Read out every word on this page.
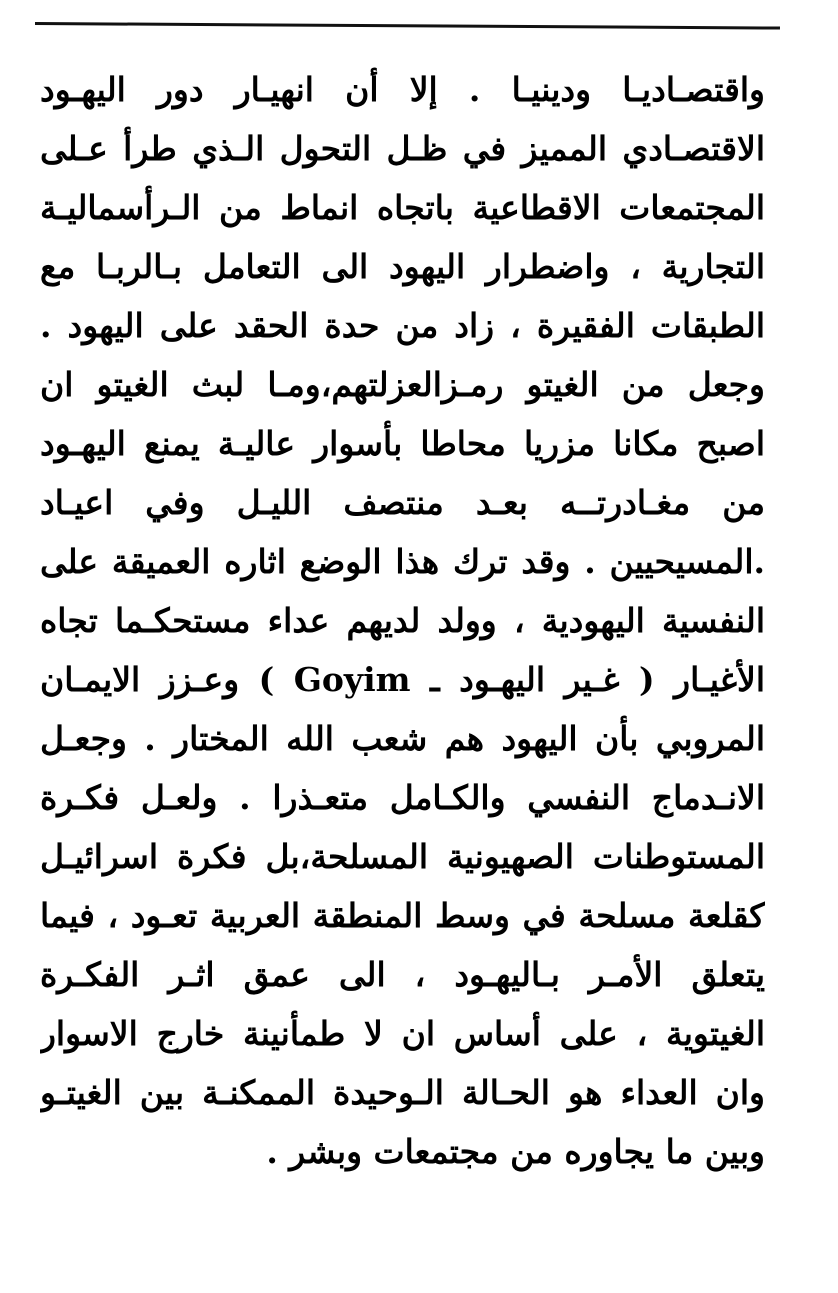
واقتصـاديـا ودينيـا . إلا أن انهيـار دور اليهـود
الاقتصـادي المميز في ظـل التحول الـذي طرأ عـلى
المجتمعات الاقطاعية باتجاه انماط من الـرأسماليـة
التجارية ، واضطرار اليهود الى التعامل بـالربـا مع
الطبقات الفقيرة ، زاد من حدة الحقد على اليهود .
وجعل من الغيتو رمـزالعزلتهم،ومـا لبث الغيتو ان
اصبح مكانا مزريا محاطا بأسوار عاليـة يمنع اليهـود
من مغـادرتــه بعـد منتصف الليـل وفي اعيـاد
.المسيحيين . وقد ترك هذا الوضع اثاره العميقة على
النفسية اليهودية ، وولد لديهم عداء مستحكـما تجاه
الأغيـار ( غـير اليهـود ـ Goyim ) وعـزز الايمـان
المروبي بأن اليهود هم شعب الله المختار . وجعـل
الانـدماج النفسي والكـامل متعـذرا . ولعـل فكـرة
المستوطنات الصهيونية المسلحة،بل فكرة اسرائيـل
كقلعة مسلحة في وسط المنطقة العربية تعـود ، فيما
يتعلق الأمـر بـاليهـود ، الى عمق اثـر الفكـرة
الغيتوية ، على أساس ان لا طمأنينة خارج الاسوار
وان العداء هو الحـالة الـوحيدة الممكنـة بين الغيتـو
وبين ما يجاوره من مجتمعات وبشر .
